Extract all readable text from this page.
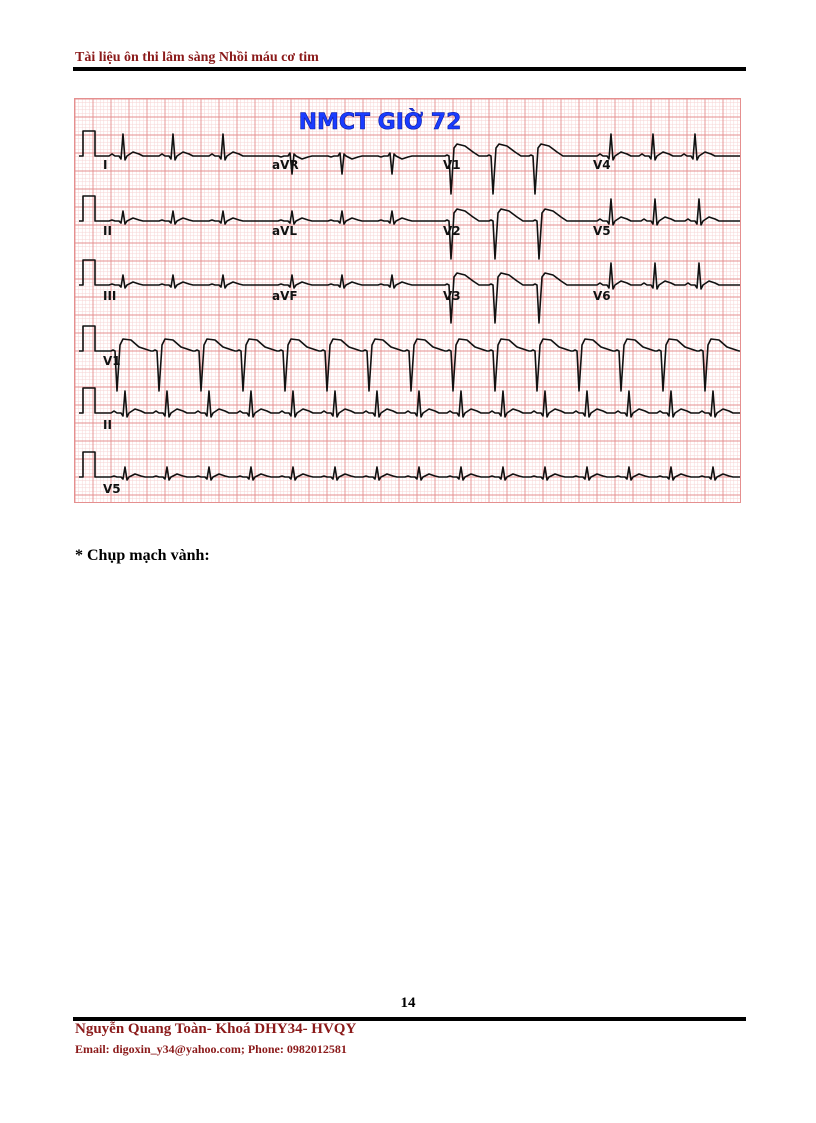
Tài liệu ôn thi lâm sàng Nhồi máu cơ tim
NMCT GIỜ 72
I	aVR	V1	V4
II	aVL	V2	V5
III	aVF	V3	V6
V1
II
V5
* Chụp mạch vành:
14
Nguyễn Quang Toàn- Khoá DHY34- HVQY
Email: digoxin_y34@yahoo.com; Phone: 0982012581
